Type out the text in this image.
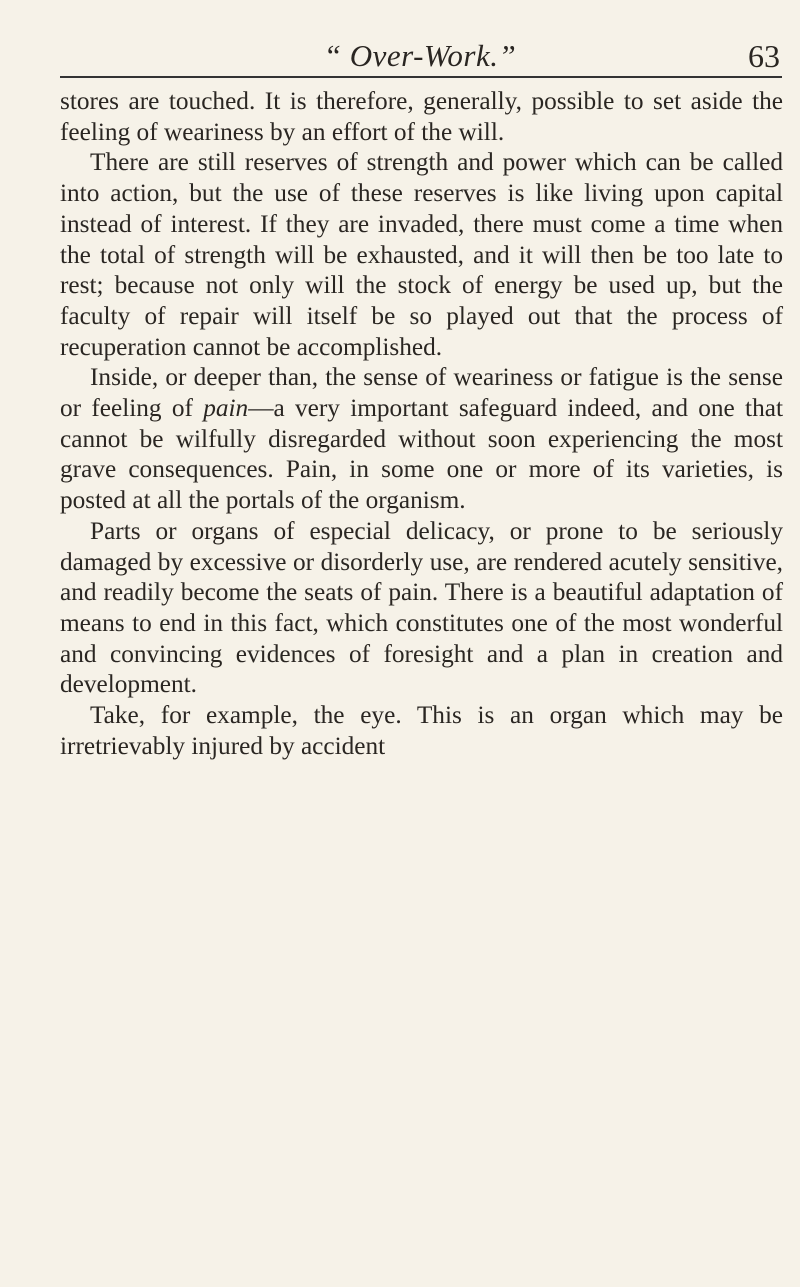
“ Over-Work.”	63

stores are touched. It is therefore, generally, possible to set aside the feeling of weariness by an effort of the will.

There are still reserves of strength and power which can be called into action, but the use of these reserves is like living upon capital instead of interest. If they are invaded, there must come a time when the total of strength will be exhausted, and it will then be too late to rest; because not only will the stock of energy be used up, but the faculty of repair will itself be so played out that the process of recuperation cannot be accomplished.

Inside, or deeper than, the sense of weariness or fatigue is the sense or feeling of pain—a very important safeguard indeed, and one that cannot be wilfully disregarded without soon experiencing the most grave consequences. Pain, in some one or more of its varieties, is posted at all the portals of the organism.

Parts or organs of especial delicacy, or prone to be seriously damaged by excessive or disorderly use, are rendered acutely sensitive, and readily become the seats of pain. There is a beautiful adaptation of means to end in this fact, which constitutes one of the most wonderful and convincing evidences of foresight and a plan in creation and development.

Take, for example, the eye. This is an organ which may be irretrievably injured by accident
